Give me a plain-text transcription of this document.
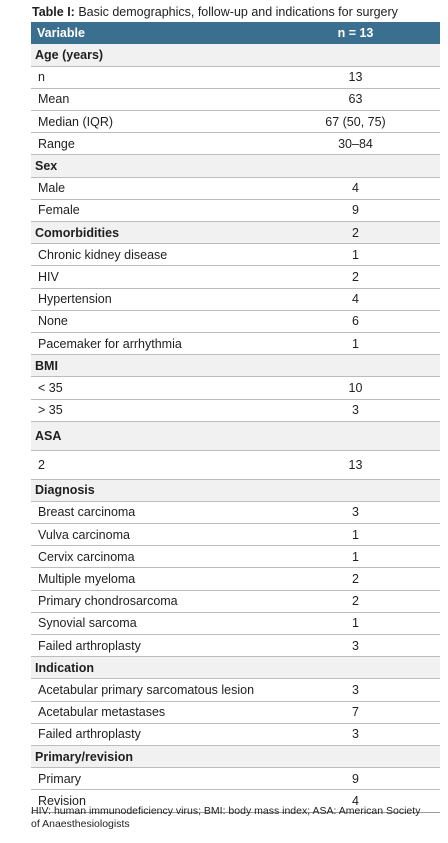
Table I: Basic demographics, follow-up and indications for surgery
Variable	n = 13
Age (years)	
n	13
Mean	63
Median (IQR)	67 (50, 75)
Range	30–84
Sex	
Male	4
Female	9
Comorbidities	2
Chronic kidney disease	1
HIV	2
Hypertension	4
None	6
Pacemaker for arrhythmia	1
BMI	
< 35	10
> 35	3
ASA	
2	13
Diagnosis	
Breast carcinoma	3
Vulva carcinoma	1
Cervix carcinoma	1
Multiple myeloma	2
Primary chondrosarcoma	2
Synovial sarcoma	1
Failed arthroplasty	3
Indication	
Acetabular primary sarcomatous lesion	3
Acetabular metastases	7
Failed arthroplasty	3
Primary/revision	
Primary	9
Revision	4
HIV: human immunodeficiency virus; BMI: body mass index; ASA: American Society of Anaesthesiologists
